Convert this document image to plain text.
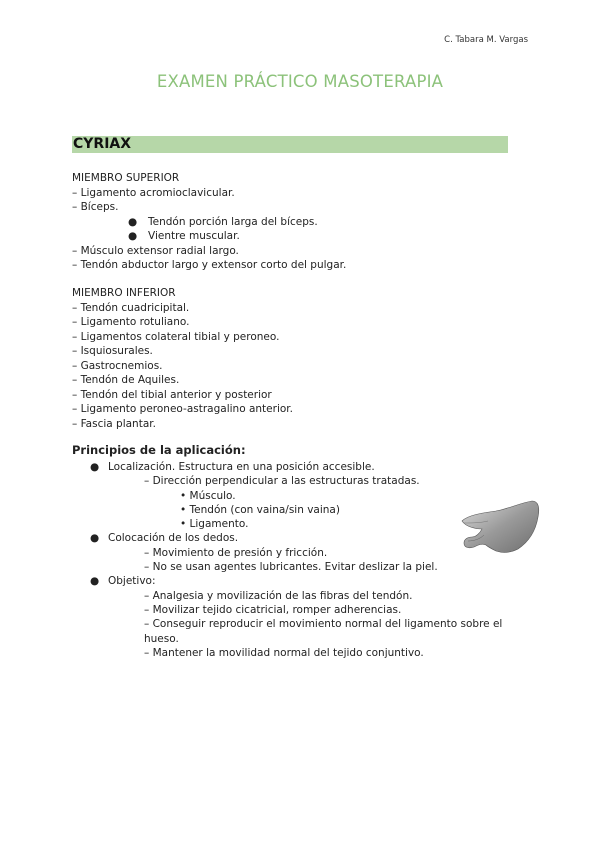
C. Tabara M. Vargas
EXAMEN PRÁCTICO MASOTERAPIA
CYRIAX
MIEMBRO SUPERIOR
– Ligamento acromioclavicular.
– Bíceps.
● Tendón porción larga del bíceps.
● Vientre muscular.
– Músculo extensor radial largo.
– Tendón abductor largo y extensor corto del pulgar.
MIEMBRO INFERIOR
– Tendón cuadricipital.
– Ligamento rotuliano.
– Ligamentos colateral tibial y peroneo.
– Isquiosurales.
– Gastrocnemios.
– Tendón de Aquiles.
– Tendón del tibial anterior y posterior
– Ligamento peroneo-astragalino anterior.
– Fascia plantar.
Principios de la aplicación:
● Localización. Estructura en una posición accesible.
– Dirección perpendicular a las estructuras tratadas.
• Músculo.
• Tendón (con vaina/sin vaina)
• Ligamento.
● Colocación de los dedos.
– Movimiento de presión y fricción.
– No se usan agentes lubricantes. Evitar deslizar la piel.
● Objetivo:
– Analgesia y movilización de las fibras del tendón.
– Movilizar tejido cicatricial, romper adherencias.
– Conseguir reproducir el movimiento normal del ligamento sobre el hueso.
– Mantener la movilidad normal del tejido conjuntivo.
